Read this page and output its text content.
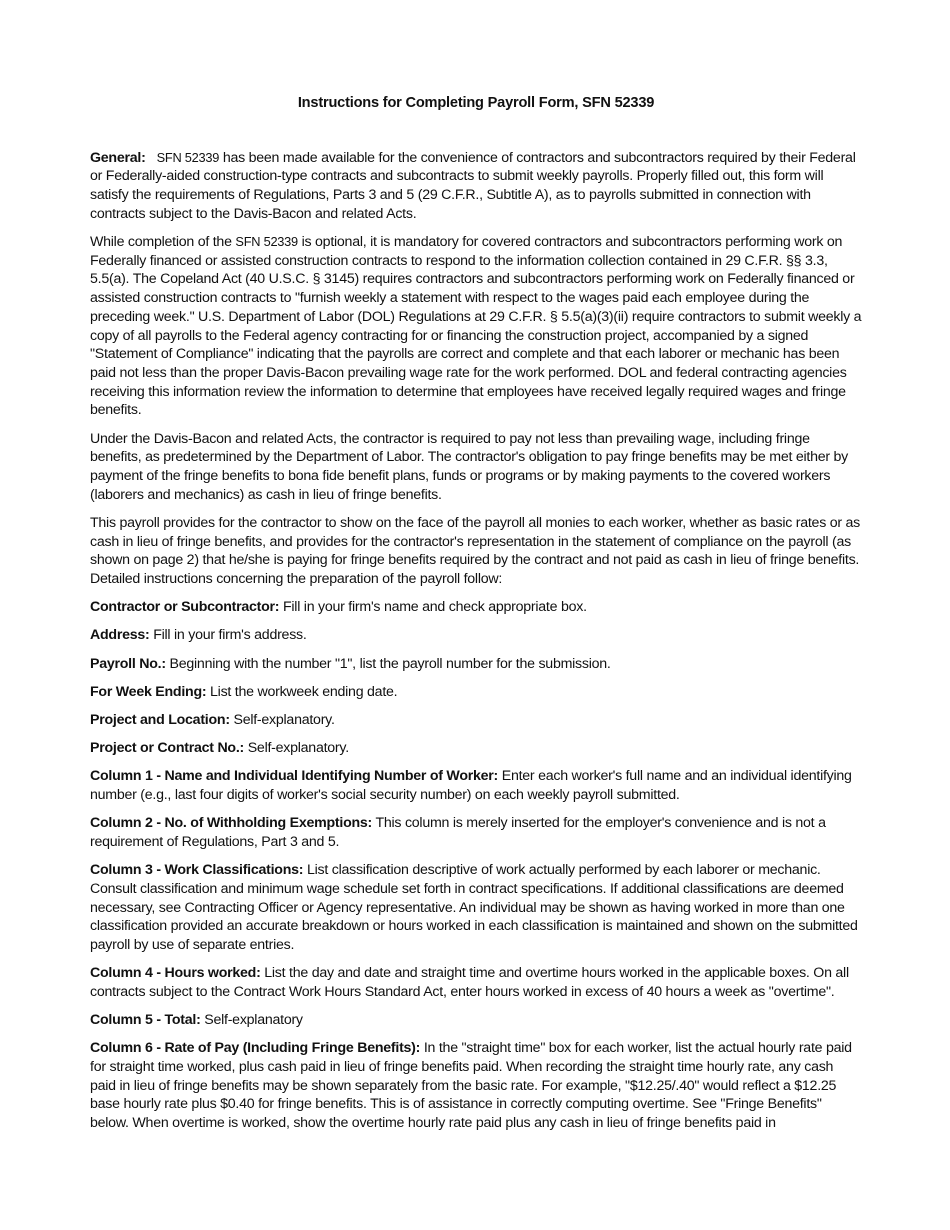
Instructions for Completing Payroll Form, SFN 52339

General: SFN 52339 has been made available for the convenience of contractors and subcontractors required by their Federal or Federally-aided construction-type contracts and subcontracts to submit weekly payrolls. Properly filled out, this form will satisfy the requirements of Regulations, Parts 3 and 5 (29 C.F.R., Subtitle A), as to payrolls submitted in connection with contracts subject to the Davis-Bacon and related Acts.

While completion of the SFN 52339 is optional, it is mandatory for covered contractors and subcontractors performing work on Federally financed or assisted construction contracts to respond to the information collection contained in 29 C.F.R. §§ 3.3, 5.5(a). The Copeland Act (40 U.S.C. § 3145) requires contractors and subcontractors performing work on Federally financed or assisted construction contracts to "furnish weekly a statement with respect to the wages paid each employee during the preceding week." U.S. Department of Labor (DOL) Regulations at 29 C.F.R. § 5.5(a)(3)(ii) require contractors to submit weekly a copy of all payrolls to the Federal agency contracting for or financing the construction project, accompanied by a signed "Statement of Compliance" indicating that the payrolls are correct and complete and that each laborer or mechanic has been paid not less than the proper Davis-Bacon prevailing wage rate for the work performed. DOL and federal contracting agencies receiving this information review the information to determine that employees have received legally required wages and fringe benefits.

Under the Davis-Bacon and related Acts, the contractor is required to pay not less than prevailing wage, including fringe benefits, as predetermined by the Department of Labor. The contractor's obligation to pay fringe benefits may be met either by payment of the fringe benefits to bona fide benefit plans, funds or programs or by making payments to the covered workers (laborers and mechanics) as cash in lieu of fringe benefits.

This payroll provides for the contractor to show on the face of the payroll all monies to each worker, whether as basic rates or as cash in lieu of fringe benefits, and provides for the contractor's representation in the statement of compliance on the payroll (as shown on page 2) that he/she is paying for fringe benefits required by the contract and not paid as cash in lieu of fringe benefits. Detailed instructions concerning the preparation of the payroll follow:

Contractor or Subcontractor: Fill in your firm's name and check appropriate box.

Address: Fill in your firm's address.

Payroll No.: Beginning with the number "1", list the payroll number for the submission.

For Week Ending: List the workweek ending date.

Project and Location: Self-explanatory.

Project or Contract No.: Self-explanatory.

Column 1 - Name and Individual Identifying Number of Worker: Enter each worker's full name and an individual identifying number (e.g., last four digits of worker's social security number) on each weekly payroll submitted.

Column 2 - No. of Withholding Exemptions: This column is merely inserted for the employer's convenience and is not a requirement of Regulations, Part 3 and 5.

Column 3 - Work Classifications: List classification descriptive of work actually performed by each laborer or mechanic. Consult classification and minimum wage schedule set forth in contract specifications. If additional classifications are deemed necessary, see Contracting Officer or Agency representative. An individual may be shown as having worked in more than one classification provided an accurate breakdown or hours worked in each classification is maintained and shown on the submitted payroll by use of separate entries.

Column 4 - Hours worked: List the day and date and straight time and overtime hours worked in the applicable boxes. On all contracts subject to the Contract Work Hours Standard Act, enter hours worked in excess of 40 hours a week as "overtime".

Column 5 - Total: Self-explanatory

Column 6 - Rate of Pay (Including Fringe Benefits): In the "straight time" box for each worker, list the actual hourly rate paid for straight time worked, plus cash paid in lieu of fringe benefits paid. When recording the straight time hourly rate, any cash paid in lieu of fringe benefits may be shown separately from the basic rate. For example, "$12.25/.40" would reflect a $12.25 base hourly rate plus $0.40 for fringe benefits. This is of assistance in correctly computing overtime. See "Fringe Benefits" below. When overtime is worked, show the overtime hourly rate paid plus any cash in lieu of fringe benefits paid in
